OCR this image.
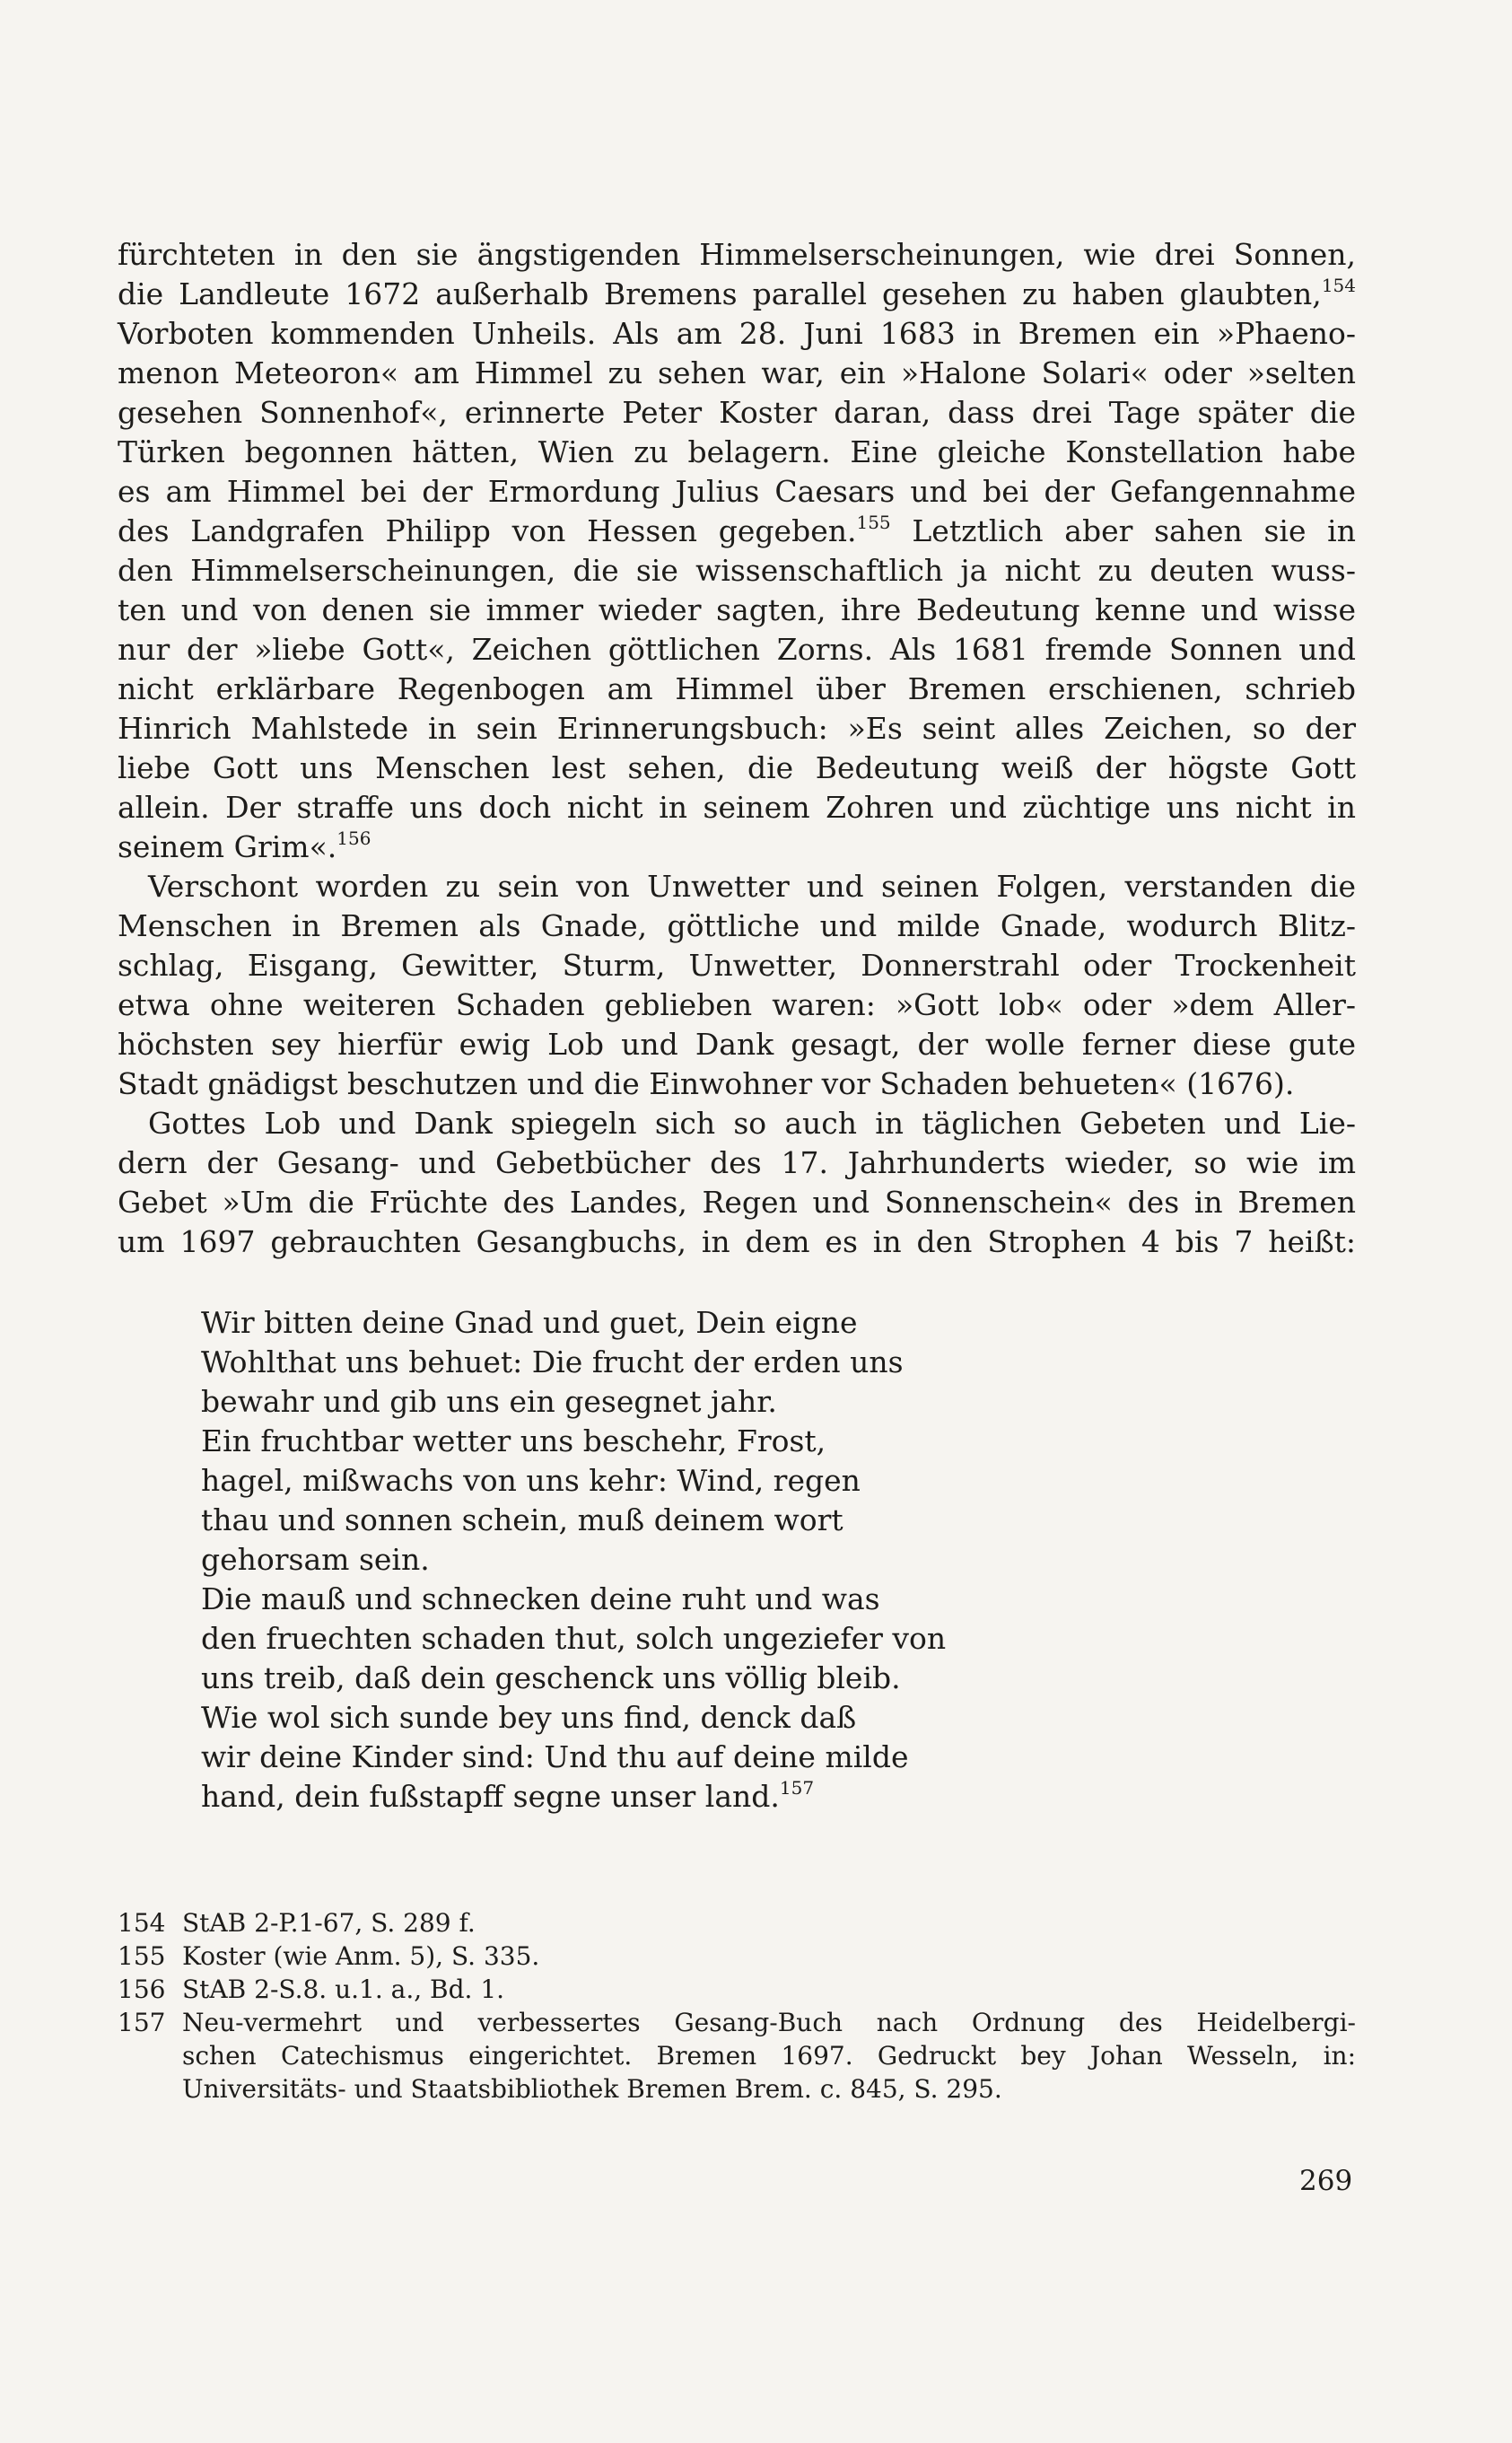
fürchteten in den sie ängstigenden Himmelserscheinungen, wie drei Sonnen,
die Landleute 1672 außerhalb Bremens parallel gesehen zu haben glaubten,$^{154}$
Vorboten kommenden Unheils. Als am 28. Juni 1683 in Bremen ein »Phaeno-
menon Meteoron« am Himmel zu sehen war, ein »Halone Solari« oder »selten
gesehen Sonnenhof«, erinnerte Peter Koster daran, dass drei Tage später die
Türken begonnen hätten, Wien zu belagern. Eine gleiche Konstellation habe
es am Himmel bei der Ermordung Julius Caesars und bei der Gefangennahme
des Landgrafen Philipp von Hessen gegeben.$^{155}$ Letztlich aber sahen sie in
den Himmelserscheinungen, die sie wissenschaftlich ja nicht zu deuten wuss-
ten und von denen sie immer wieder sagten, ihre Bedeutung kenne und wisse
nur der »liebe Gott«, Zeichen göttlichen Zorns. Als 1681 fremde Sonnen und
nicht erklärbare Regenbogen am Himmel über Bremen erschienen, schrieb
Hinrich Mahlstede in sein Erinnerungsbuch: »Es seint alles Zeichen, so der
liebe Gott uns Menschen lest sehen, die Bedeutung weiß der högste Gott
allein. Der straffe uns doch nicht in seinem Zohren und züchtige uns nicht in
seinem Grim«.$^{156}$
Verschont worden zu sein von Unwetter und seinen Folgen, verstanden die
Menschen in Bremen als Gnade, göttliche und milde Gnade, wodurch Blitz-
schlag, Eisgang, Gewitter, Sturm, Unwetter, Donnerstrahl oder Trockenheit
etwa ohne weiteren Schaden geblieben waren: »Gott lob« oder »dem Aller-
höchsten sey hierfür ewig Lob und Dank gesagt, der wolle ferner diese gute
Stadt gnädigst beschutzen und die Einwohner vor Schaden behueten« (1676).
Gottes Lob und Dank spiegeln sich so auch in täglichen Gebeten und Lie-
dern der Gesang- und Gebetbücher des 17. Jahrhunderts wieder, so wie im
Gebet »Um die Früchte des Landes, Regen und Sonnenschein« des in Bremen
um 1697 gebrauchten Gesangbuchs, in dem es in den Strophen 4 bis 7 heißt:
Wir bitten deine Gnad und guet, Dein eigne
Wohlthat uns behuet: Die frucht der erden uns
bewahr und gib uns ein gesegnet jahr.
Ein fruchtbar wetter uns beschehr, Frost,
hagel, mißwachs von uns kehr: Wind, regen
thau und sonnen schein, muß deinem wort
gehorsam sein.
Die mauß und schnecken deine ruht und was
den fruechten schaden thut, solch ungeziefer von
uns treib, daß dein geschenck uns völlig bleib.
Wie wol sich sunde bey uns find, denck daß
wir deine Kinder sind: Und thu auf deine milde
hand, dein fußstapff segne unser land.$^{157}$
154 StAB 2-P.1-67, S. 289 f.
155 Koster (wie Anm. 5), S. 335.
156 StAB 2-S.8. u.1. a., Bd. 1.
157 Neu-vermehrt und verbessertes Gesang-Buch nach Ordnung des Heidelbergi-
schen Catechismus eingerichtet. Bremen 1697. Gedruckt bey Johan Wesseln, in:
Universitäts- und Staatsbibliothek Bremen Brem. c. 845, S. 295.
269
